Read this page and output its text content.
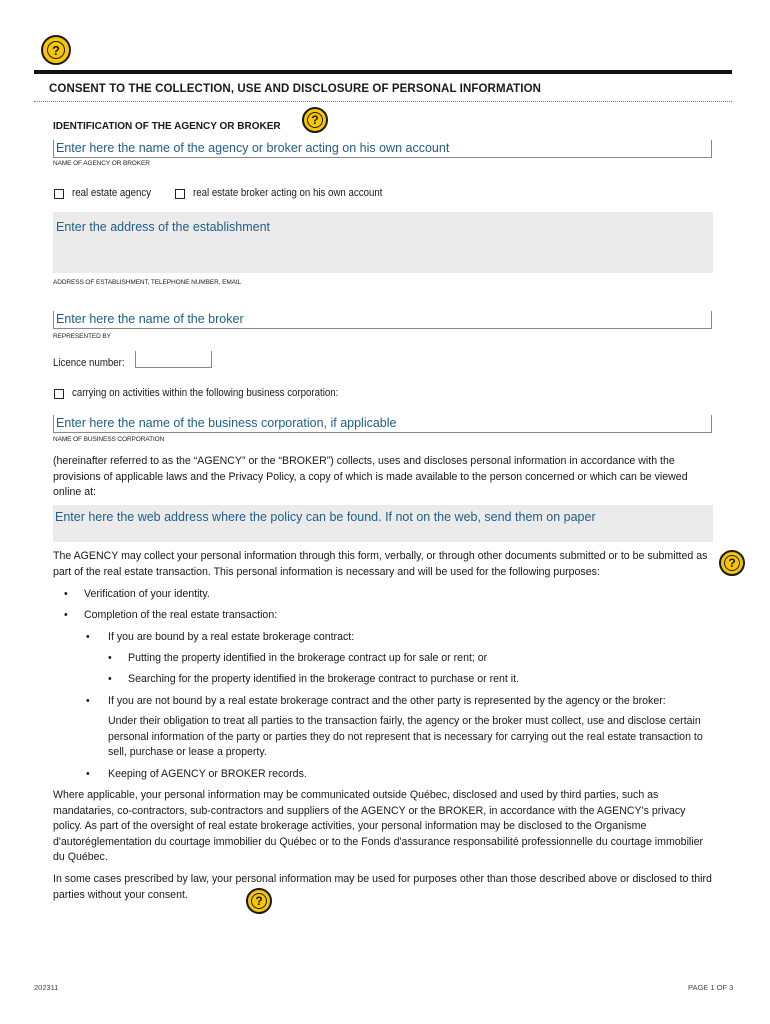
?
CONSENT TO THE COLLECTION, USE AND DISCLOSURE OF PERSONAL INFORMATION
IDENTIFICATION OF THE AGENCY OR BROKER	?
Enter here the name of the agency or broker acting on his own account
NAME OF AGENCY OR BROKER
real estate agency	real estate broker acting on his own account
Enter the address of the establishment
ADDRESS OF ESTABLISHMENT, TELEPHONE NUMBER, EMAIL
Enter here the name of the broker
REPRESENTED BY
Licence number:
carrying on activities within the following business corporation:
Enter here the name of the business corporation, if applicable
NAME OF BUSINESS CORPORATION
(hereinafter referred to as the “AGENCY” or the “BROKER”) collects, uses and discloses personal information in accordance with the provisions of applicable laws and the Privacy Policy, a copy of which is made available to the person concerned or which can be viewed online at:
Enter here the web address where the policy can be found. If not on the web, send them on paper
The AGENCY may collect your personal information through this form, verbally, or through other documents submitted or to be submitted as part of the real estate transaction. This personal information is necessary and will be used for the following purposes:
?
• Verification of your identity.
• Completion of the real estate transaction:
• If you are bound by a real estate brokerage contract:
• Putting the property identified in the brokerage contract up for sale or rent; or
• Searching for the property identified in the brokerage contract to purchase or rent it.
• If you are not bound by a real estate brokerage contract and the other party is represented by the agency or the broker:
Under their obligation to treat all parties to the transaction fairly, the agency or the broker must collect, use and disclose certain personal information of the party or parties they do not represent that is necessary for carrying out the real estate transaction to sell, purchase or lease a property.
• Keeping of AGENCY or BROKER records.
Where applicable, your personal information may be communicated outside Québec, disclosed and used by third parties, such as mandataries, co-contractors, sub-contractors and suppliers of the AGENCY or the BROKER, in accordance with the AGENCY's privacy policy. As part of the oversight of real estate brokerage activities, your personal information may be disclosed to the Organisme d'autoréglementation du courtage immobilier du Québec or to the Fonds d'assurance responsabilité professionnelle du courtage immobilier du Québec.
In some cases prescribed by law, your personal information may be used for purposes other than those described above or disclosed to third parties without your consent.	?
202311	PAGE 1 OF 3
